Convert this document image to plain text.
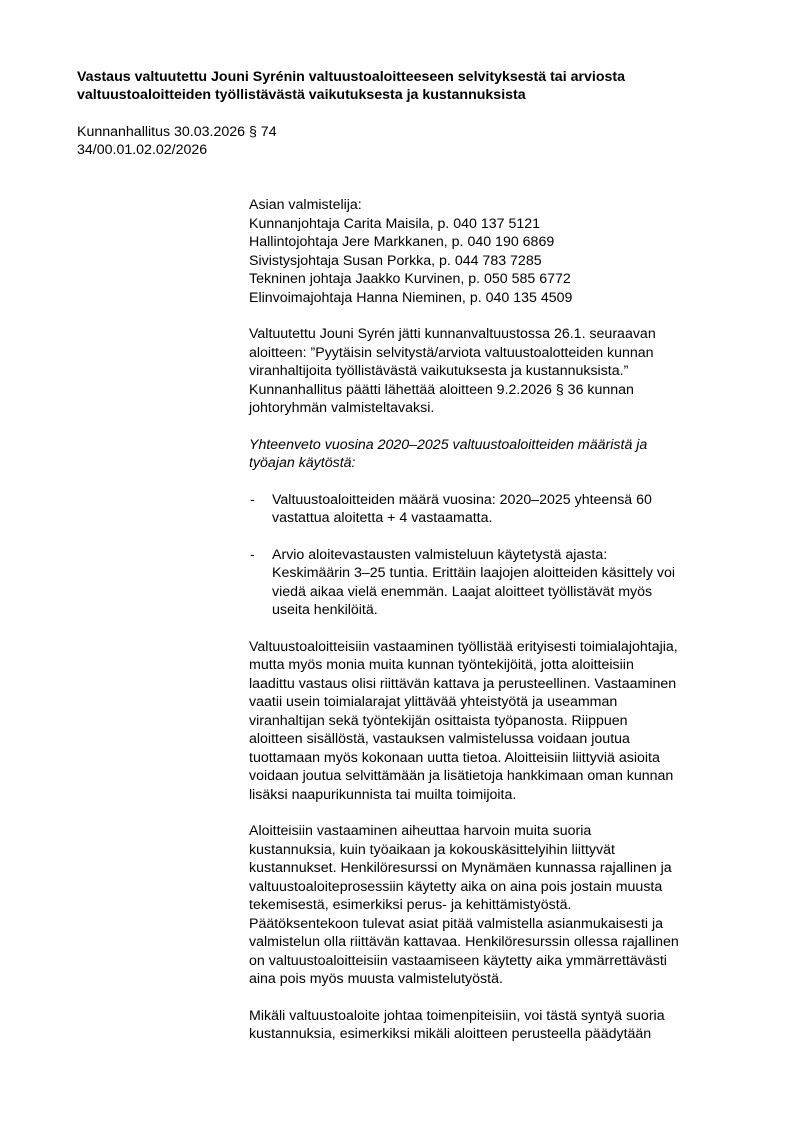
Vastaus valtuutettu Jouni Syrénin valtuustoaloitteeseen selvityksestä tai arviosta
valtuustoaloitteiden työllistävästä vaikutuksesta ja kustannuksista
Kunnanhallitus 30.03.2026 § 74
34/00.01.02.02/2026
Asian valmistelija:
Kunnanjohtaja Carita Maisila, p. 040 137 5121
Hallintojohtaja Jere Markkanen, p. 040 190 6869
Sivistysjohtaja Susan Porkka, p. 044 783 7285
Tekninen johtaja Jaakko Kurvinen, p. 050 585 6772
Elinvoimajohtaja Hanna Nieminen, p. 040 135 4509
Valtuutettu Jouni Syrén jätti kunnanvaltuustossa 26.1. seuraavan
aloitteen: ”Pyytäisin selvitystä/arviota valtuustoalotteiden kunnan
viranhaltijoita työllistävästä vaikutuksesta ja kustannuksista.”
Kunnanhallitus päätti lähettää aloitteen 9.2.2026 § 36 kunnan
johtoryhmän valmisteltavaksi.
Yhteenveto vuosina 2020–2025 valtuustoaloitteiden määristä ja
työajan käytöstä:
- Valtuustoaloitteiden määrä vuosina: 2020–2025 yhteensä 60
vastattua aloitetta + 4 vastaamatta.
- Arvio aloitevastausten valmisteluun käytetystä ajasta:
Keskimäärin 3–25 tuntia. Erittäin laajojen aloitteiden käsittely voi
viedä aikaa vielä enemmän. Laajat aloitteet työllistävät myös
useita henkilöitä.
Valtuustoaloitteisiin vastaaminen työllistää erityisesti toimialajohtajia,
mutta myös monia muita kunnan työntekijöitä, jotta aloitteisiin
laadittu vastaus olisi riittävän kattava ja perusteellinen. Vastaaminen
vaatii usein toimialarajat ylittävää yhteistyötä ja useamman
viranhaltijan sekä työntekijän osittaista työpanosta. Riippuen
aloitteen sisällöstä, vastauksen valmistelussa voidaan joutua
tuottamaan myös kokonaan uutta tietoa. Aloitteisiin liittyviä asioita
voidaan joutua selvittämään ja lisätietoja hankkimaan oman kunnan
lisäksi naapurikunnista tai muilta toimijoita.
Aloitteisiin vastaaminen aiheuttaa harvoin muita suoria
kustannuksia, kuin työaikaan ja kokouskäsittelyihin liittyvät
kustannukset. Henkilöresurssi on Mynämäen kunnassa rajallinen ja
valtuustoaloiteprosessiin käytetty aika on aina pois jostain muusta
tekemisestä, esimerkiksi perus- ja kehittämistyöstä.
Päätöksentekoon tulevat asiat pitää valmistella asianmukaisesti ja
valmistelun olla riittävän kattavaa. Henkilöresurssin ollessa rajallinen
on valtuustoaloitteisiin vastaamiseen käytetty aika ymmärrettävästi
aina pois myös muusta valmistelutyöstä.
Mikäli valtuustoaloite johtaa toimenpiteisiin, voi tästä syntyä suoria
kustannuksia, esimerkiksi mikäli aloitteen perusteella päädytään
